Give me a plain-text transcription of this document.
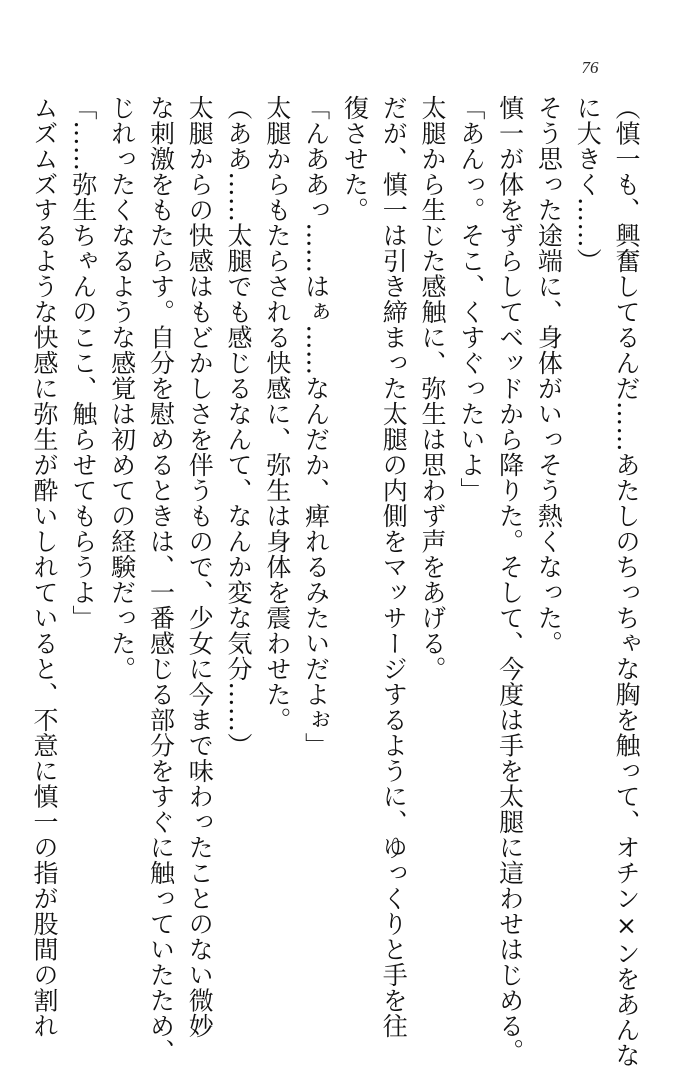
76
（慎一も、興奮してるんだ……あたしのちっちゃな胸を触って、オチン×ンをあんな
に大きく……）
そう思った途端に、身体がいっそう熱くなった。
慎一が体をずらしてベッドから降りた。そして、今度は手を太腿に這わせはじめる。
「あんっ。そこ、くすぐったいよ」
太腿から生じた感触に、弥生は思わず声をあげる。
だが、慎一は引き締まった太腿の内側をマッサージするように、ゆっくりと手を往
復させた。
「んああっ……はぁ……なんだか、痺れるみたいだよぉ」
太腿からもたらされる快感に、弥生は身体を震わせた。
（ああ……太腿でも感じるなんて、なんか変な気分……）
太腿からの快感はもどかしさを伴うもので、少女に今まで味わったことのない微妙
な刺激をもたらす。自分を慰めるときは、一番感じる部分をすぐに触っていたため、
じれったくなるような感覚は初めての経験だった。
「……弥生ちゃんのここ、触らせてもらうよ」
ムズムズするような快感に弥生が酔いしれていると、不意に慎一の指が股間の割れ
